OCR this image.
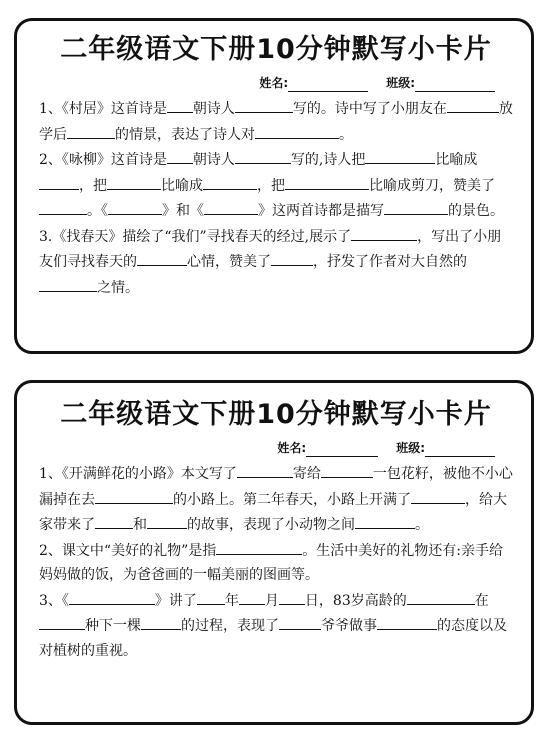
二年级语文下册10分钟默写小卡片
姓名:	班级:

1、《村居》这首诗是 朝诗人	写的。诗中写了小朋友在	放学后	的情景，表达了诗人对	。

2、《咏柳》这首诗是 朝诗人	写的,诗人把	比喻成，把	比喻成	，把	比喻成剪刀，赞美了。《	》和《	》这两首诗都是描写	的景色。

3.《找春天》描绘了“我们”寻找春天的经过,展示了	，写出了小朋友们寻找春天的	心情，赞美了	，抒发了作者对大自然的之情。

二年级语文下册10分钟默写小卡片
姓名:	班级:

1、《开满鲜花的小路》本文写了	寄给	一包花籽，被他不小心漏掉在去	的小路上。第二年春天，小路上开满了	，给大家带来了	和	的故事，表现了小动物之间	。

2、课文中“美好的礼物”是指	。生活中美好的礼物还有:亲手给妈妈做的饭，为爸爸画的一幅美丽的图画等。

3、《	》讲了 年 月 日，83岁高龄的	在种下一棵	的过程，表现了	爷爷做事	的态度以及对植树的重视。
